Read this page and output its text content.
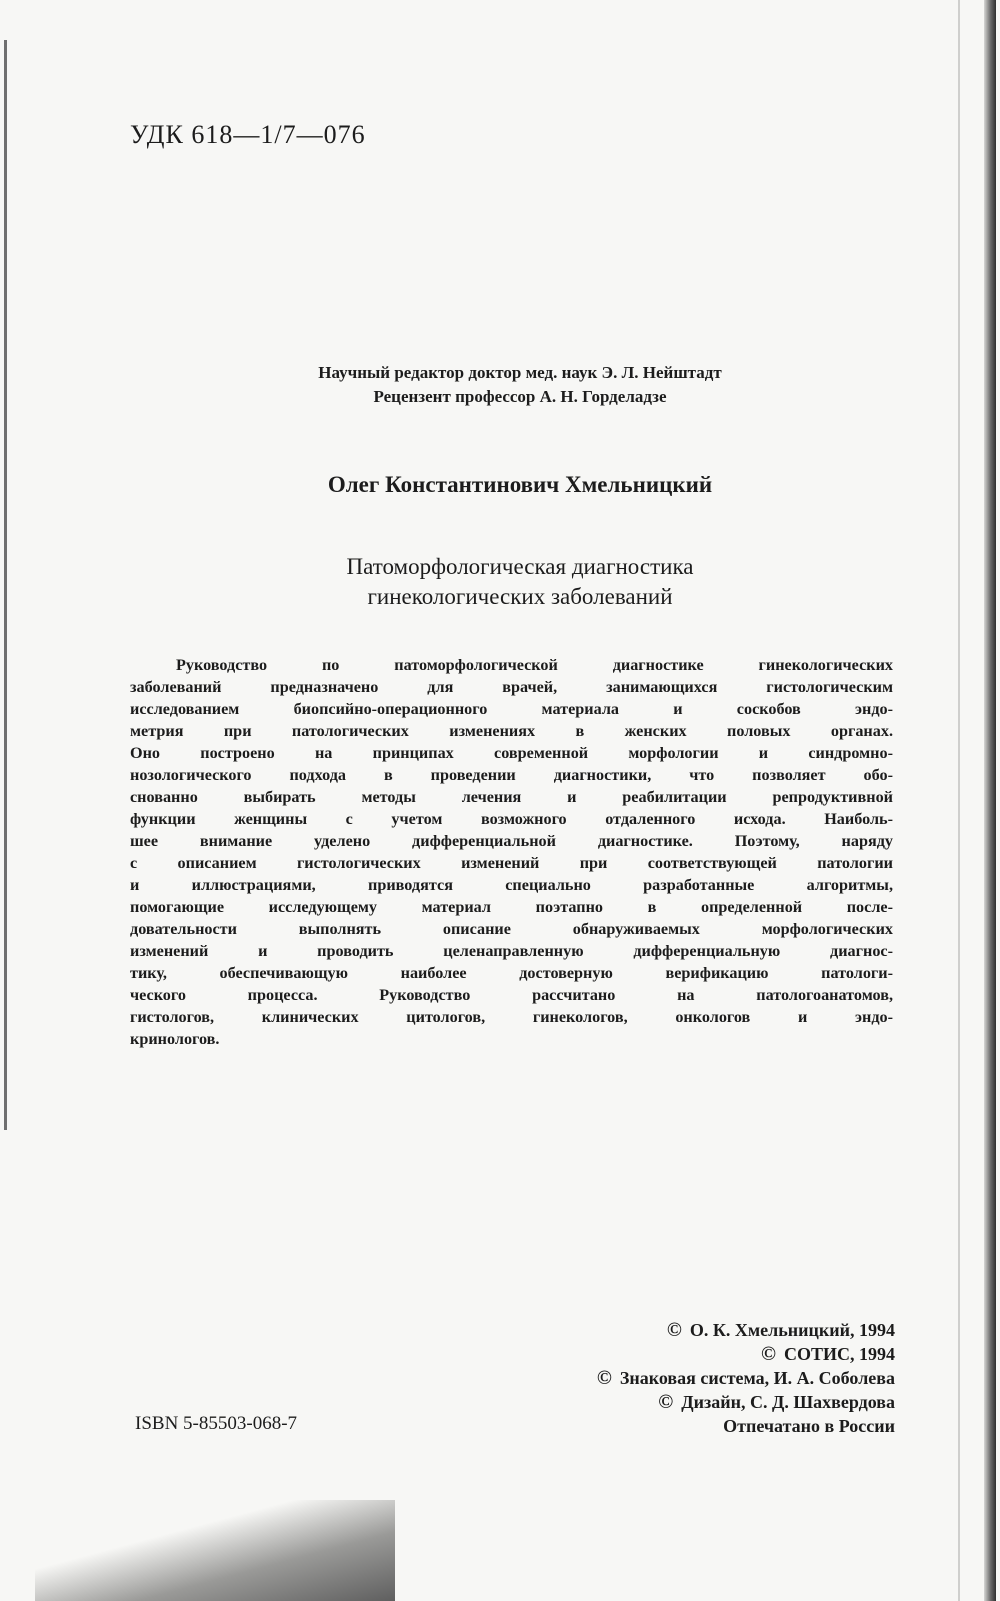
УДК 618—1/7—076
Научный редактор доктор мед. наук Э. Л. Нейштадт
Рецензент профессор А. Н. Горделадзе
Олег Константинович Хмельницкий
Патоморфологическая диагностика
гинекологических заболеваний
Руководство по патоморфологической диагностике гинекологических
заболеваний предназначено для врачей, занимающихся гистологическим
исследованием биопсийно-операционного материала и соскобов эндо-
метрия при патологических изменениях в женских половых органах.
Оно построено на принципах современной морфологии и синдромно-
нозологического подхода в проведении диагностики, что позволяет обо-
снованно выбирать методы лечения и реабилитации репродуктивной
функции женщины с учетом возможного отдаленного исхода. Наиболь-
шее внимание уделено дифференциальной диагностике. Поэтому, наряду
с описанием гистологических изменений при соответствующей патологии
и иллюстрациями, приводятся специально разработанные алгоритмы,
помогающие исследующему материал поэтапно в определенной после-
довательности выполнять описание обнаруживаемых морфологических
изменений и проводить целенаправленную дифференциальную диагнос-
тику, обеспечивающую наиболее достоверную верификацию патологи-
ческого процесса. Руководство рассчитано на патологоанатомов,
гистологов, клинических цитологов, гинекологов, онкологов и эндо-
кринологов.
© О. К. Хмельницкий, 1994
© СОТИС, 1994
© Знаковая система, И. А. Соболева
© Дизайн, С. Д. Шахвердова
Отпечатано в России
ISBN 5-85503-068-7
